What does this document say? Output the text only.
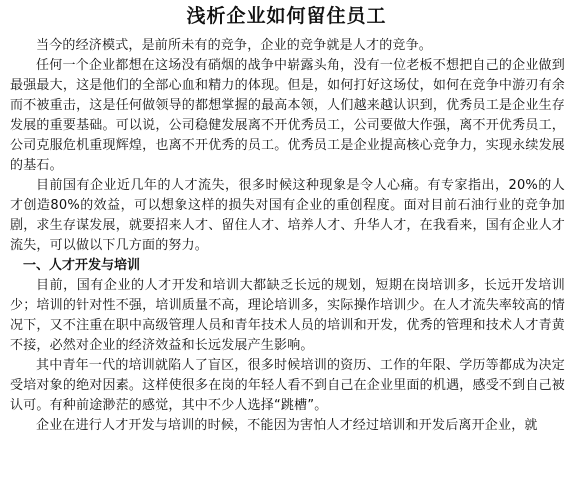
浅析企业如何留住员工

当今的经济模式，是前所未有的竞争，企业的竞争就是人才的竞争。

任何一个企业都想在这场没有硝烟的战争中崭露头角，没有一位老板不想把自己的企业做到最强最大，这是他们的全部心血和精力的体现。但是，如何打好这场仗，如何在竞争中游刃有余而不被重击，这是任何做领导的都想掌握的最高本领，人们越来越认识到，优秀员工是企业生存发展的重要基础。可以说，公司稳健发展离不开优秀员工，公司要做大作强，离不开优秀员工，公司克服危机重现辉煌，也离不开优秀的员工。优秀员工是企业提高核心竞争力，实现永续发展的基石。

目前国有企业近几年的人才流失，很多时候这种现象是令人心痛。有专家指出，20%的人才创造80%的效益，可以想象这样的损失对国有企业的重创程度。面对目前石油行业的竞争加剧，求生存谋发展，就要招来人才、留住人才、培养人才、升华人才，在我看来，国有企业人才流失，可以做以下几方面的努力。

一、人才开发与培训

目前，国有企业的人才开发和培训大都缺乏长远的规划，短期在岗培训多，长远开发培训少；培训的针对性不强，培训质量不高，理论培训多，实际操作培训少。在人才流失率较高的情况下，又不注重在职中高级管理人员和青年技术人员的培训和开发，优秀的管理和技术人才青黄不接，必然对企业的经济效益和长远发展产生影响。

其中青年一代的培训就陷人了盲区，很多时候培训的资历、工作的年限、学历等都成为决定受培对象的绝对因素。这样使很多在岗的年轻人看不到自己在企业里面的机遇，感受不到自己被认可。有种前途渺茫的感觉，其中不少人选择“跳槽”。

企业在进行人才开发与培训的时候，不能因为害怕人才经过培训和开发后离开企业，就
